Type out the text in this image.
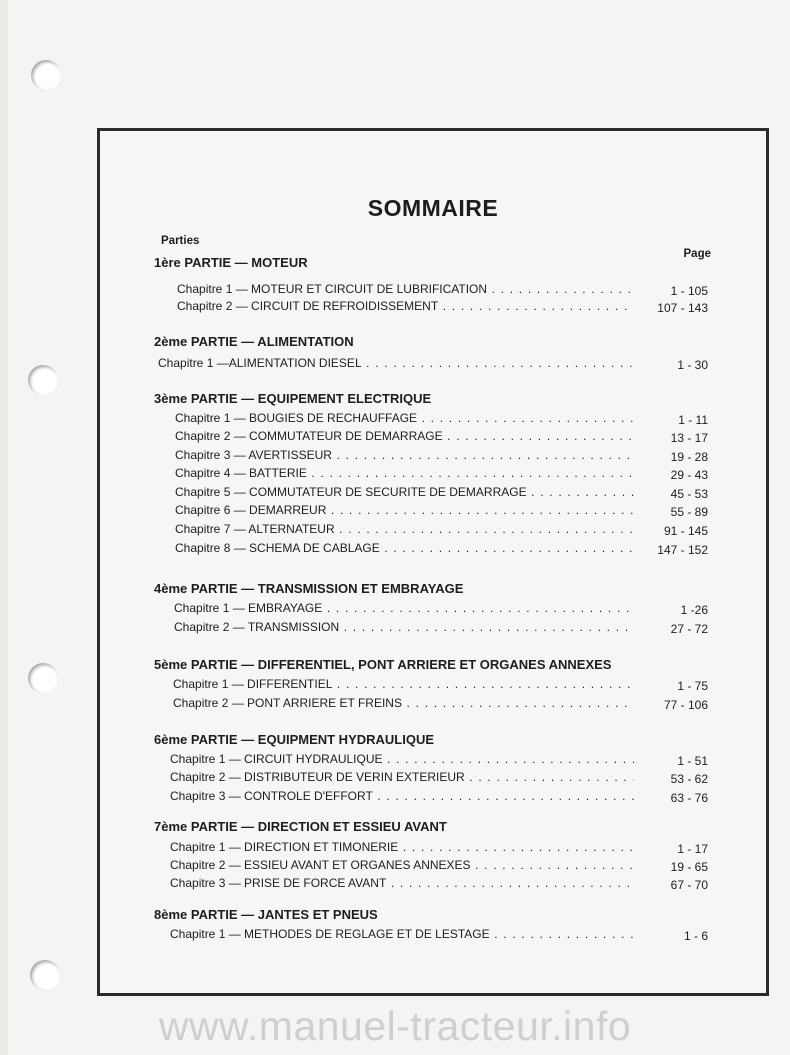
SOMMAIRE
Parties
Page
1ère PARTIE — MOTEUR
Chapitre 1 — MOTEUR ET CIRCUIT DE LUBRIFICATION . . .	1 - 105
Chapitre 2 — CIRCUIT DE REFROIDISSEMENT . . .	107 - 143
2ème PARTIE — ALIMENTATION
Chapitre 1 —ALIMENTATION DIESEL . . .	1 - 30
3ème PARTIE — EQUIPEMENT ELECTRIQUE
Chapitre 1 — BOUGIES DE RECHAUFFAGE . . .	1 - 11
Chapitre 2 — COMMUTATEUR DE DEMARRAGE . . .	13 - 17
Chapitre 3 — AVERTISSEUR . . .	19 - 28
Chapitre 4 — BATTERIE . . .	29 - 43
Chapitre 5 — COMMUTATEUR DE SECURITE DE DEMARRAGE . . .	45 - 53
Chapitre 6 — DEMARREUR . . .	55 - 89
Chapitre 7 — ALTERNATEUR . . .	91 - 145
Chapitre 8 — SCHEMA DE CABLAGE . . .	147 - 152
4ème PARTIE — TRANSMISSION ET EMBRAYAGE
Chapitre 1 — EMBRAYAGE . . .	1 -26
Chapitre 2 — TRANSMISSION . . .	27 - 72
5ème PARTIE — DIFFERENTIEL, PONT ARRIERE ET ORGANES ANNEXES
Chapitre 1 — DIFFERENTIEL . . .	1 - 75
Chapitre 2 — PONT ARRIERE ET FREINS . . .	77 - 106
6ème PARTIE — EQUIPMENT HYDRAULIQUE
Chapitre 1 — CIRCUIT HYDRAULIQUE . . .	1 - 51
Chapitre 2 — DISTRIBUTEUR DE VERIN EXTERIEUR . . .	53 - 62
Chapitre 3 — CONTROLE D'EFFORT . . .	63 - 76
7ème PARTIE — DIRECTION ET ESSIEU AVANT
Chapitre 1 — DIRECTION ET TIMONERIE . . .	1 - 17
Chapitre 2 — ESSIEU AVANT ET ORGANES ANNEXES . . .	19 - 65
Chapitre 3 — PRISE DE FORCE AVANT . . .	67 - 70
8ème PARTIE — JANTES ET PNEUS
Chapitre 1 — METHODES DE REGLAGE ET DE LESTAGE . . .	1 - 6
www.manuel-tracteur.info
